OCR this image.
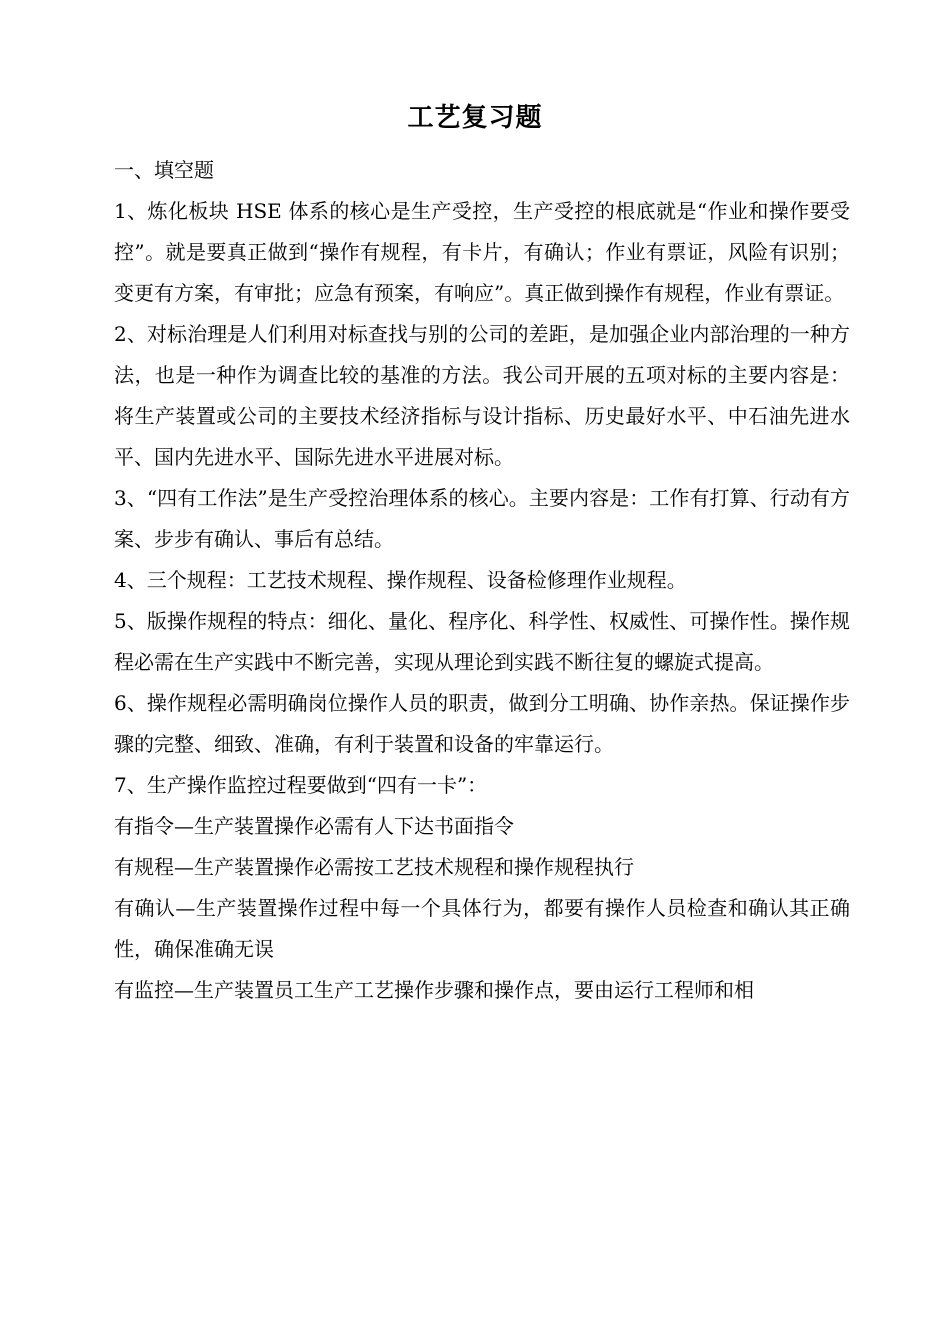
工艺复习题
一、填空题
1、炼化板块 HSE 体系的核心是生产受控，生产受控的根底就是“作业和操作要受控”。就是要真正做到“操作有规程，有卡片，有确认；作业有票证，风险有识别；变更有方案，有审批；应急有预案，有响应”。真正做到操作有规程，作业有票证。
2、对标治理是人们利用对标查找与别的公司的差距，是加强企业内部治理的一种方法，也是一种作为调查比较的基准的方法。我公司开展的五项对标的主要内容是：将生产装置或公司的主要技术经济指标与设计指标、历史最好水平、中石油先进水平、国内先进水平、国际先进水平进展对标。
3、“四有工作法”是生产受控治理体系的核心。主要内容是：工作有打算、行动有方案、步步有确认、事后有总结。
4、三个规程：工艺技术规程、操作规程、设备检修理作业规程。
5、版操作规程的特点：细化、量化、程序化、科学性、权威性、可操作性。操作规程必需在生产实践中不断完善，实现从理论到实践不断往复的螺旋式提高。
6、操作规程必需明确岗位操作人员的职责，做到分工明确、协作亲热。保证操作步骤的完整、细致、准确，有利于装置和设备的牢靠运行。
7、生产操作监控过程要做到“四有一卡”：
有指令—生产装置操作必需有人下达书面指令
有规程—生产装置操作必需按工艺技术规程和操作规程执行
有确认—生产装置操作过程中每一个具体行为，都要有操作人员检查和确认其正确性，确保准确无误
有监控—生产装置员工生产工艺操作步骤和操作点，要由运行工程师和相
